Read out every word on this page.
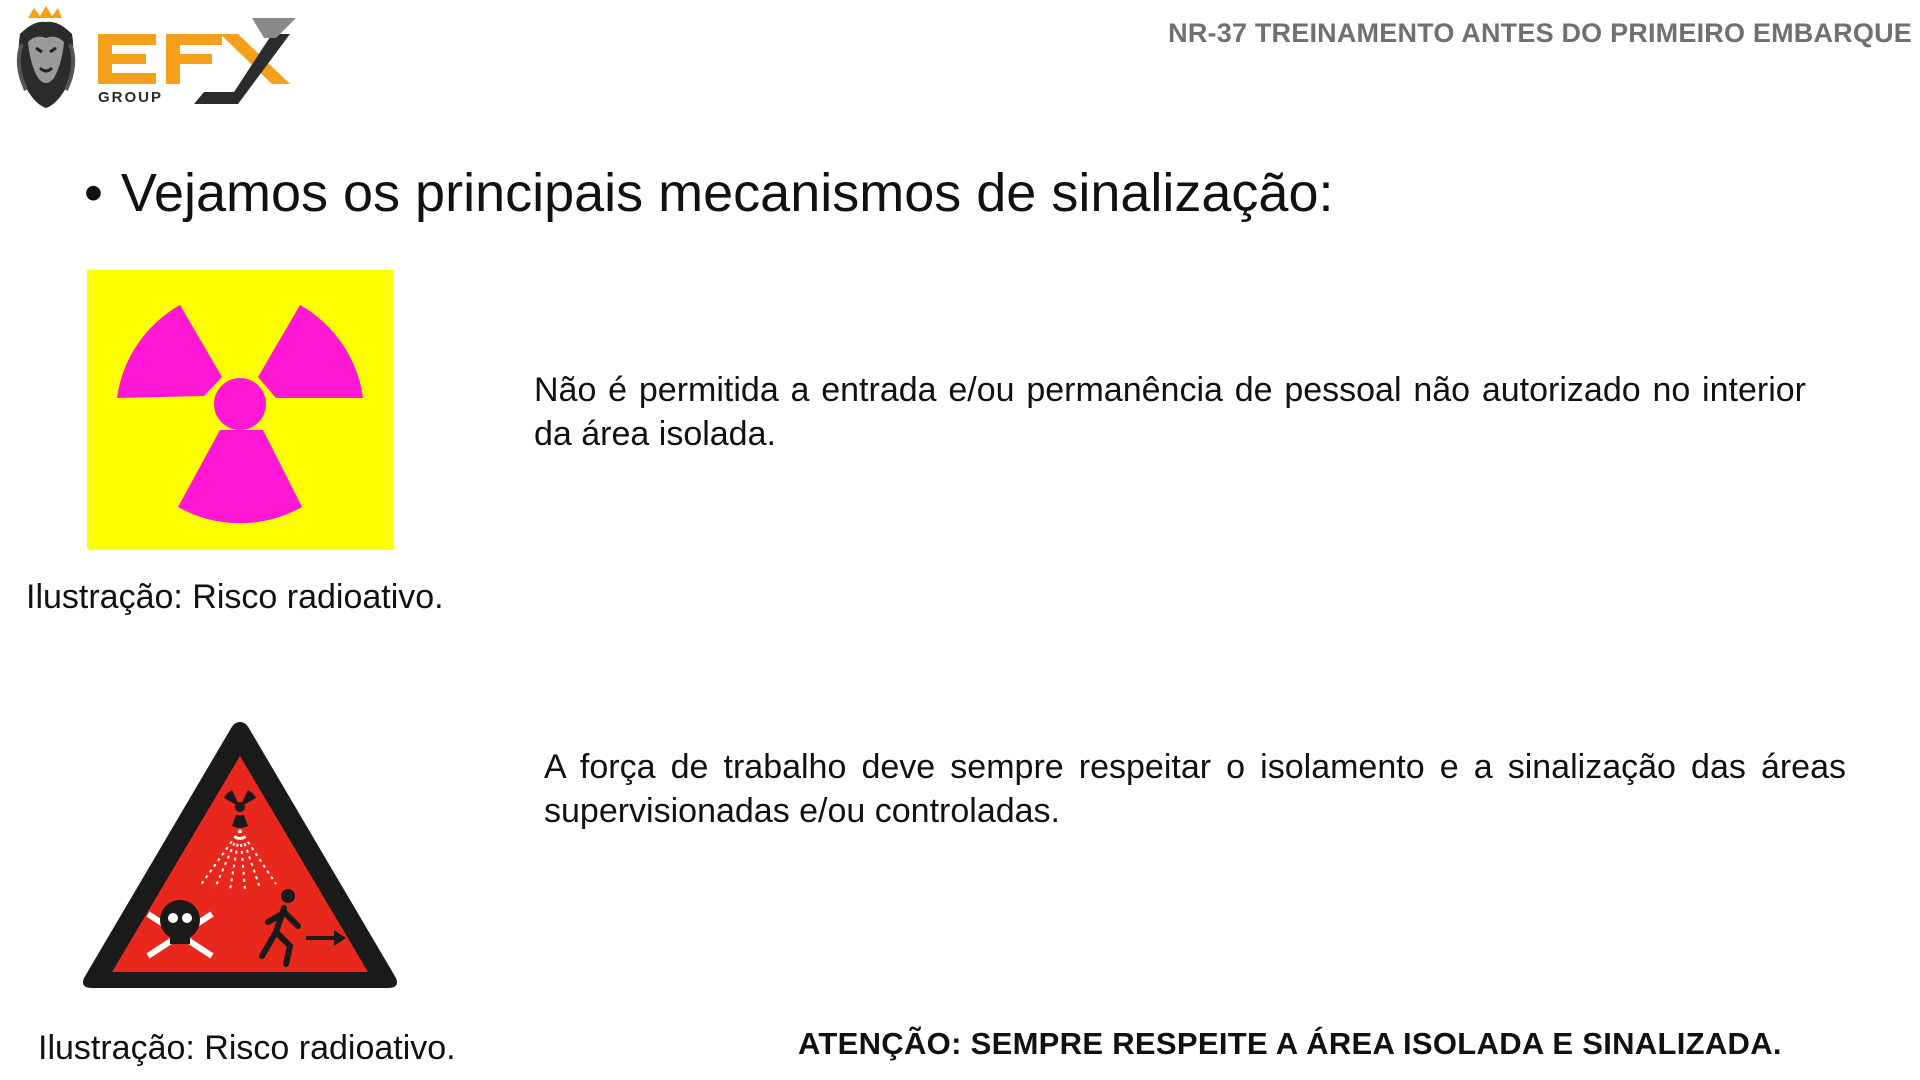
GROUP
NR-37 TREINAMENTO ANTES DO PRIMEIRO EMBARQUE
• Vejamos os principais mecanismos de sinalização:
Ilustração: Risco radioativo.
Não é permitida a entrada e/ou permanência de pessoal não autorizado no interior da área isolada.
Ilustração: Risco radioativo.
A força de trabalho deve sempre respeitar o isolamento e a sinalização das áreas supervisionadas e/ou controladas.
ATENÇÃO: SEMPRE RESPEITE A ÁREA ISOLADA E SINALIZADA.
